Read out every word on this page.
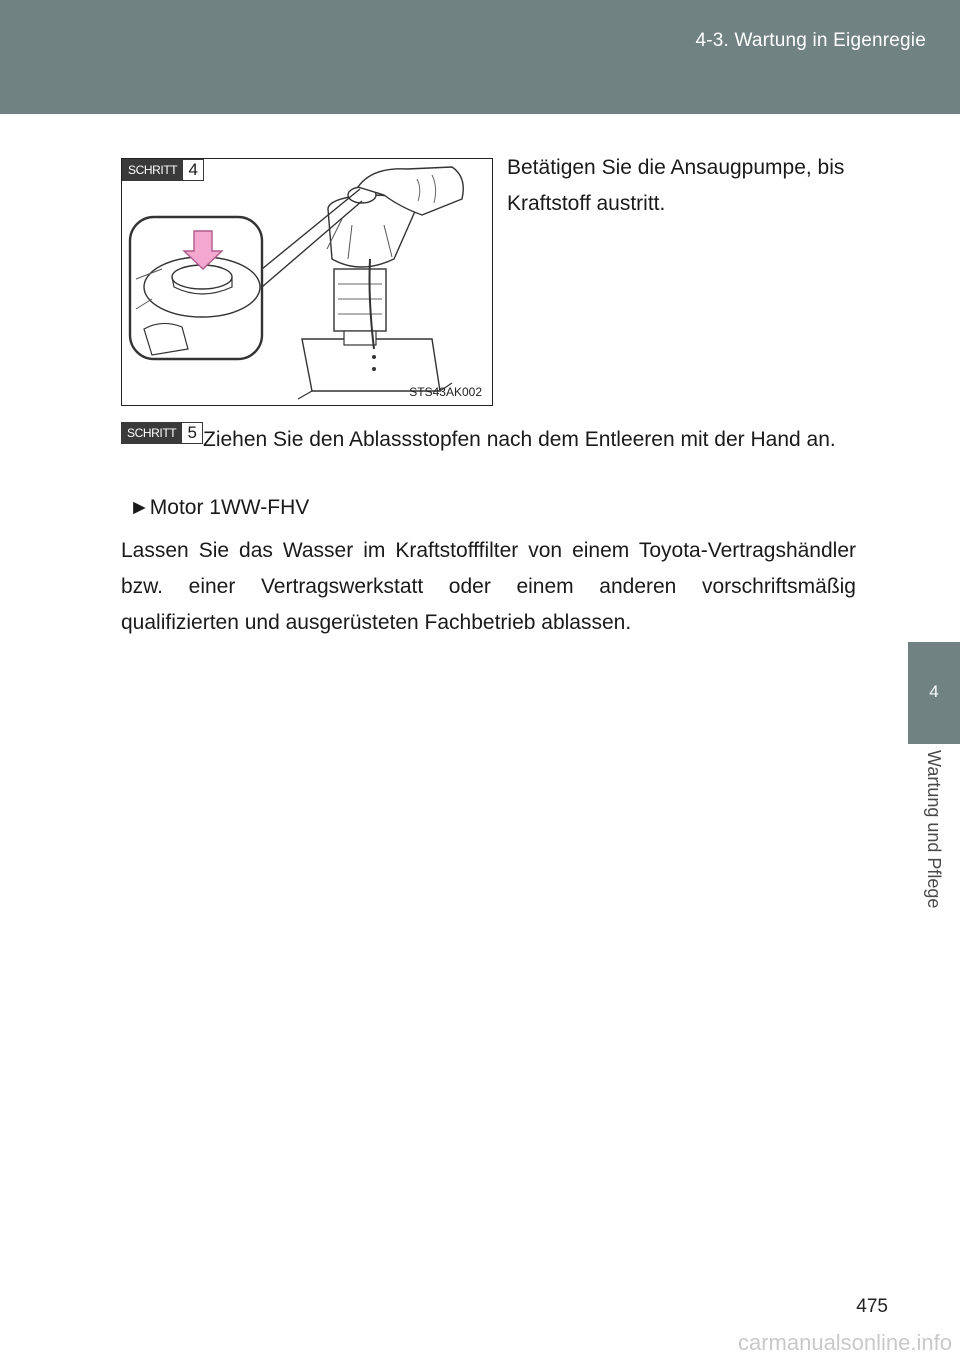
4-3. Wartung in Eigenregie
4
Wartung und Pflege
SCHRITT 4
STS43AK002
Betätigen Sie die Ansaugpumpe, bis Kraftstoff austritt.
SCHRITT 5 Ziehen Sie den Ablassstopfen nach dem Entleeren mit der Hand an.
►Motor 1WW-FHV
Lassen Sie das Wasser im Kraftstofffilter von einem Toyota-Vertragshändler bzw. einer Vertragswerkstatt oder einem anderen vorschriftsmäßig qualifizierten und ausgerüsteten Fachbetrieb ablassen.
475
carmanualsonline.info
